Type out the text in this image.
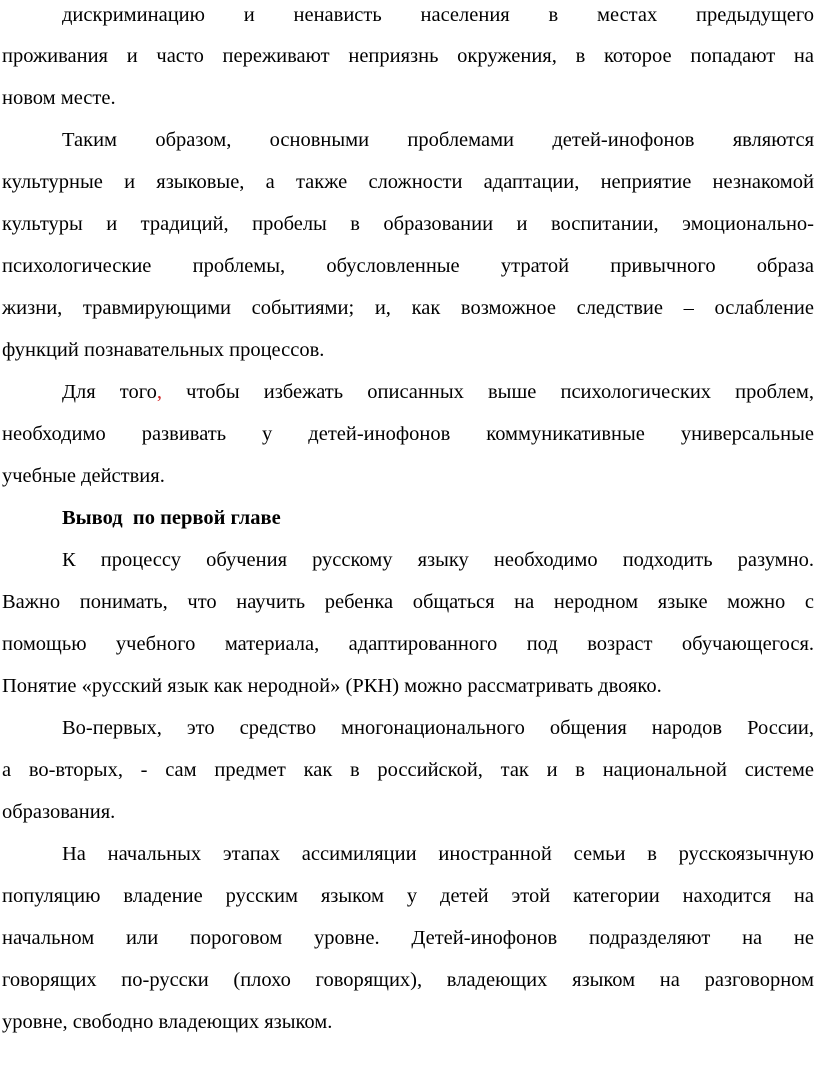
дискриминацию и ненависть населения в местах предыдущего

проживания и часто переживают неприязнь окружения, в которое попадают на

новом месте.

Таким образом, основными проблемами детей-инофонов являются

культурные и языковые, а также сложности адаптации, неприятие незнакомой

культуры и традиций, пробелы в образовании и воспитании, эмоционально-

психологические проблемы, обусловленные утратой привычного образа

жизни, травмирующими событиями; и, как возможное следствие – ослабление

функций познавательных процессов.

Для того, чтобы избежать описанных выше психологических проблем,

необходимо развивать у детей-инофонов коммуникативные универсальные

учебные действия.

Вывод  по первой главе

К процессу обучения русскому языку необходимо подходить разумно.

Важно понимать, что научить ребенка общаться на неродном языке можно с

помощью учебного материала, адаптированного под возраст обучающегося.

Понятие «русский язык как неродной» (РКН) можно рассматривать двояко.

Во-первых, это средство многонационального общения народов России,

а во-вторых, - сам предмет как в российской, так и в национальной системе

образования.

На начальных этапах ассимиляции иностранной семьи в русскоязычную

популяцию владение русским языком у детей этой категории находится на

начальном или пороговом уровне. Детей-инофонов подразделяют на не

говорящих по-русски (плохо говорящих), владеющих языком на разговорном

уровне, свободно владеющих языком.
